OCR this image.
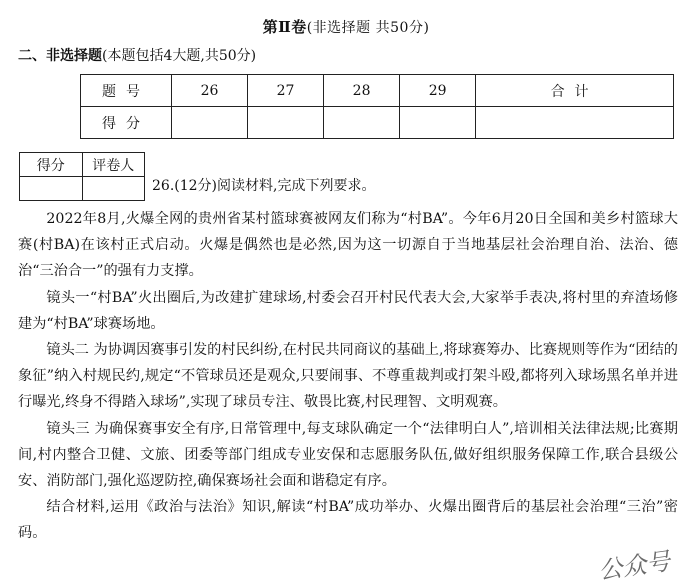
第Ⅱ卷(非选择题 共50分)
二、非选择题(本题包括4大题,共50分)
题号	26	27	28	29	合计
得分					
得分	评卷人

26.(12分)阅读材料,完成下列要求。

2022年8月,火爆全网的贵州省某村篮球赛被网友们称为“村BA”。今年6月20日全国和美乡村篮球大赛(村BA)在该村正式启动。火爆是偶然也是必然,因为这一切源自于当地基层社会治理自治、法治、德治“三治合一”的强有力支撑。

镜头一“村BA”火出圈后,为改建扩建球场,村委会召开村民代表大会,大家举手表决,将村里的弃渣场修建为“村BA”球赛场地。

镜头二 为协调因赛事引发的村民纠纷,在村民共同商议的基础上,将球赛筹办、比赛规则等作为“团结的象征”纳入村规民约,规定“不管球员还是观众,只要闹事、不尊重裁判或打架斗殴,都将列入球场黑名单并进行曝光,终身不得踏入球场”,实现了球员专注、敬畏比赛,村民理智、文明观赛。

镜头三 为确保赛事安全有序,日常管理中,每支球队确定一个“法律明白人”,培训相关法律法规;比赛期间,村内整合卫健、文旅、团委等部门组成专业安保和志愿服务队伍,做好组织服务保障工作,联合县级公安、消防部门,强化巡逻防控,确保赛场社会面和谐稳定有序。

结合材料,运用《政治与法治》知识,解读“村BA”成功举办、火爆出圈背后的基层社会治理“三治”密码。

公众号
